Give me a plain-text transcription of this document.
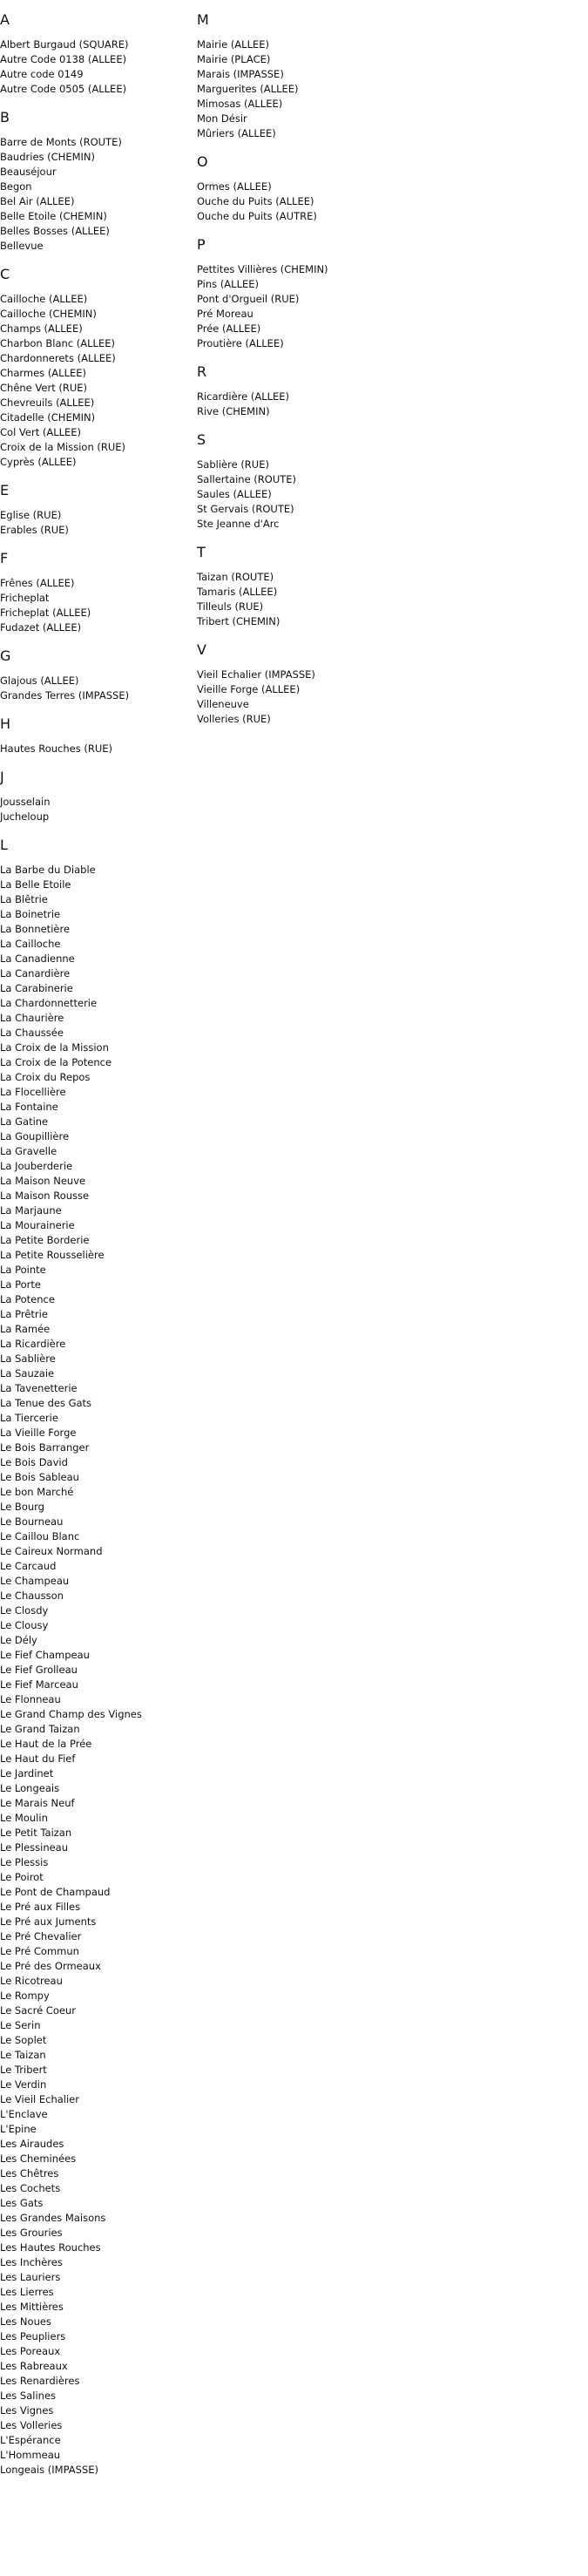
A
Albert Burgaud (SQUARE)
Autre Code 0138 (ALLEE)
Autre code 0149
Autre Code 0505 (ALLEE)
B
Barre de Monts (ROUTE)
Baudries (CHEMIN)
Beauséjour
Begon
Bel Air (ALLEE)
Belle Etoile (CHEMIN)
Belles Bosses (ALLEE)
Bellevue
C
Cailloche (ALLEE)
Cailloche (CHEMIN)
Champs (ALLEE)
Charbon Blanc (ALLEE)
Chardonnerets (ALLEE)
Charmes (ALLEE)
Chêne Vert (RUE)
Chevreuils (ALLEE)
Citadelle (CHEMIN)
Col Vert (ALLEE)
Croix de la Mission (RUE)
Cyprès (ALLEE)
E
Eglise (RUE)
Erables (RUE)
F
Frênes (ALLEE)
Fricheplat
Fricheplat (ALLEE)
Fudazet (ALLEE)
G
Glajous (ALLEE)
Grandes Terres (IMPASSE)
H
Hautes Rouches (RUE)
J
Jousselain
Jucheloup
L
La Barbe du Diable
La Belle Etoile
La Blêtrie
La Boinetrie
La Bonnetière
La Cailloche
La Canadienne
La Canardière
La Carabinerie
La Chardonnetterie
La Chaurière
La Chaussée
La Croix de la Mission
La Croix de la Potence
La Croix du Repos
La Flocellière
La Fontaine
La Gatine
La Goupillière
La Gravelle
La Jouberderie
La Maison Neuve
La Maison Rousse
La Marjaune
La Mourainerie
La Petite Borderie
La Petite Rousselière
La Pointe
La Porte
La Potence
La Prêtrie
La Ramée
La Ricardière
La Sablière
La Sauzaie
La Tavenetterie
La Tenue des Gats
La Tiercerie
La Vieille Forge
Le Bois Barranger
Le Bois David
Le Bois Sableau
Le bon Marché
Le Bourg
Le Bourneau
Le Caillou Blanc
Le Caireux Normand
Le Carcaud
Le Champeau
Le Chausson
Le Closdy
Le Clousy
Le Dély
Le Fief Champeau
Le Fief Grolleau
Le Fief Marceau
Le Flonneau
Le Grand Champ des Vignes
Le Grand Taizan
Le Haut de la Prée
Le Haut du Fief
Le Jardinet
Le Longeais
Le Marais Neuf
Le Moulin
Le Petit Taizan
Le Plessineau
Le Plessis
Le Poirot
Le Pont de Champaud
Le Pré aux Filles
Le Pré aux Juments
Le Pré Chevalier
Le Pré Commun
Le Pré des Ormeaux
Le Ricotreau
Le Rompy
Le Sacré Coeur
Le Serin
Le Soplet
Le Taizan
Le Tribert
Le Verdin
Le Vieil Echalier
L'Enclave
L'Epine
Les Airaudes
Les Cheminées
Les Chêtres
Les Cochets
Les Gats
Les Grandes Maisons
Les Grouries
Les Hautes Rouches
Les Inchères
Les Lauriers
Les Lierres
Les Mittières
Les Noues
Les Peupliers
Les Poreaux
Les Rabreaux
Les Renardières
Les Salines
Les Vignes
Les Volleries
L'Espérance
L'Hommeau
Longeais (IMPASSE)
M
Mairie (ALLEE)
Mairie (PLACE)
Marais (IMPASSE)
Marguerites (ALLEE)
Mimosas (ALLEE)
Mon Désir
Mûriers (ALLEE)
O
Ormes (ALLEE)
Ouche du Puits (ALLEE)
Ouche du Puits (AUTRE)
P
Pettites Villières (CHEMIN)
Pins (ALLEE)
Pont d'Orgueil (RUE)
Pré Moreau
Prée (ALLEE)
Proutière (ALLEE)
R
Ricardière (ALLEE)
Rive (CHEMIN)
S
Sablière (RUE)
Sallertaine (ROUTE)
Saules (ALLEE)
St Gervais (ROUTE)
Ste Jeanne d'Arc
T
Taizan (ROUTE)
Tamaris (ALLEE)
Tilleuls (RUE)
Tribert (CHEMIN)
V
Vieil Echalier (IMPASSE)
Vieille Forge (ALLEE)
Villeneuve
Volleries (RUE)
